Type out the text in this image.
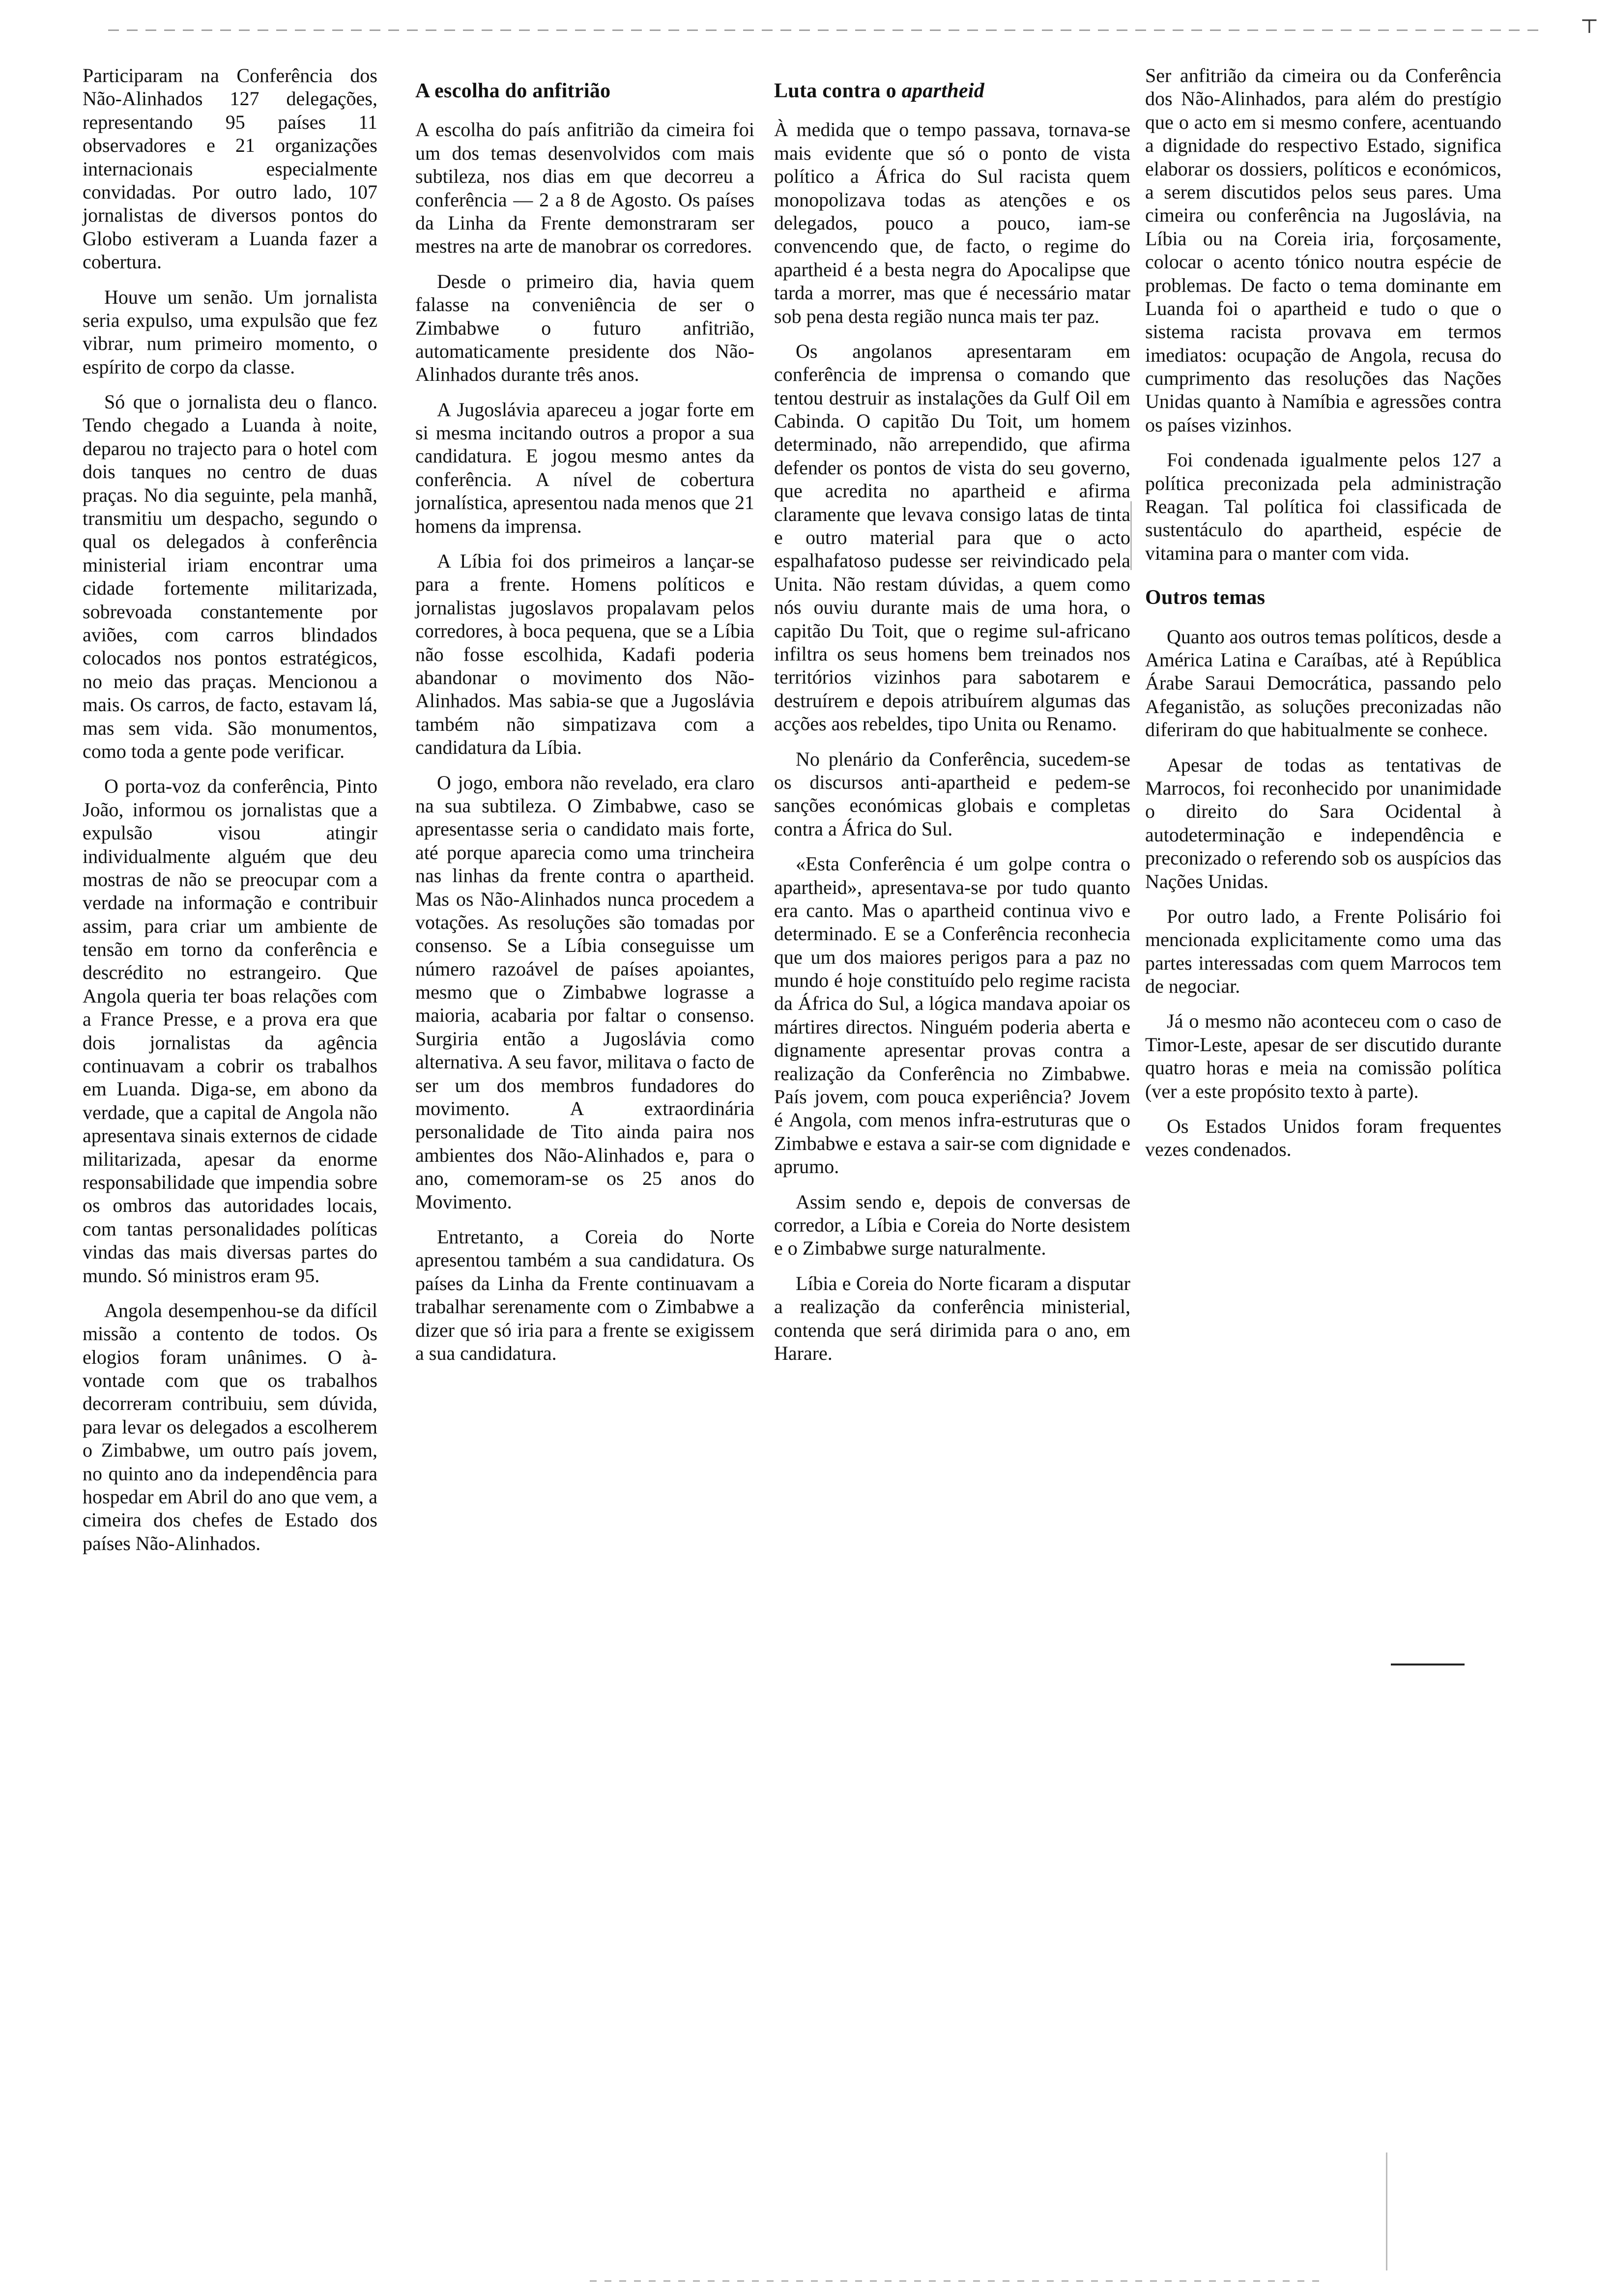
⊤

Participaram na Conferência dos Não-Alinhados 127 delegações, representando 95 países 11 observadores e 21 organizações internacionais especialmente convidadas. Por outro lado, 107 jornalistas de diversos pontos do Globo estiveram a Luanda fazer a cobertura.

Houve um senão. Um jornalista seria expulso, uma expulsão que fez vibrar, num primeiro momento, o espírito de corpo da classe.

Só que o jornalista deu o flanco. Tendo chegado a Luanda à noite, deparou no trajecto para o hotel com dois tanques no centro de duas praças. No dia seguinte, pela manhã, transmitiu um despacho, segundo o qual os delegados à conferência ministerial iriam encontrar uma cidade fortemente militarizada, sobrevoada constantemente por aviões, com carros blindados colocados nos pontos estratégicos, no meio das praças. Mencionou a mais. Os carros, de facto, estavam lá, mas sem vida. São monumentos, como toda a gente pode verificar.

O porta-voz da conferência, Pinto João, informou os jornalistas que a expulsão visou atingir individualmente alguém que deu mostras de não se preocupar com a verdade na informação e contribuir assim, para criar um ambiente de tensão em torno da conferência e descrédito no estrangeiro. Que Angola queria ter boas relações com a France Presse, e a prova era que dois jornalistas da agência continuavam a cobrir os trabalhos em Luanda. Diga-se, em abono da verdade, que a capital de Angola não apresentava sinais externos de cidade militarizada, apesar da enorme responsabilidade que impendia sobre os ombros das autoridades locais, com tantas personalidades políticas vindas das mais diversas partes do mundo. Só ministros eram 95.

Angola desempenhou-se da difícil missão a contento de todos. Os elogios foram unânimes. O à-vontade com que os trabalhos decorreram contribuiu, sem dúvida, para levar os delegados a escolherem o Zimbabwe, um outro país jovem, no quinto ano da independência para hospedar em Abril do ano que vem, a cimeira dos chefes de Estado dos países Não-Alinhados.

A escolha do anfitrião

A escolha do país anfitrião da cimeira foi um dos temas desenvolvidos com mais subtileza, nos dias em que decorreu a conferência — 2 a 8 de Agosto. Os países da Linha da Frente demonstraram ser mestres na arte de manobrar os corredores.

Desde o primeiro dia, havia quem falasse na conveniência de ser o Zimbabwe o futuro anfitrião, automaticamente presidente dos Não-Alinhados durante três anos.

A Jugoslávia apareceu a jogar forte em si mesma incitando outros a propor a sua candidatura. E jogou mesmo antes da conferência. A nível de cobertura jornalística, apresentou nada menos que 21 homens da imprensa.

A Líbia foi dos primeiros a lançar-se para a frente. Homens políticos e jornalistas jugoslavos propalavam pelos corredores, à boca pequena, que se a Líbia não fosse escolhida, Kadafi poderia abandonar o movimento dos Não-Alinhados. Mas sabia-se que a Jugoslávia também não simpatizava com a candidatura da Líbia.

O jogo, embora não revelado, era claro na sua subtileza. O Zimbabwe, caso se apresentasse seria o candidato mais forte, até porque aparecia como uma trincheira nas linhas da frente contra o apartheid. Mas os Não-Alinhados nunca procedem a votações. As resoluções são tomadas por consenso. Se a Líbia conseguisse um número razoável de países apoiantes, mesmo que o Zimbabwe lograsse a maioria, acabaria por faltar o consenso. Surgiria então a Jugoslávia como alternativa. A seu favor, militava o facto de ser um dos membros fundadores do movimento. A extraordinária personalidade de Tito ainda paira nos ambientes dos Não-Alinhados e, para o ano, comemoram-se os 25 anos do Movimento.

Entretanto, a Coreia do Norte apresentou também a sua candidatura. Os países da Linha da Frente continuavam a trabalhar serenamente com o Zimbabwe a dizer que só iria para a frente se exigissem a sua candidatura.

Luta contra o apartheid

À medida que o tempo passava, tornava-se mais evidente que só o ponto de vista político a África do Sul racista quem monopolizava todas as atenções e os delegados, pouco a pouco, iam-se convencendo que, de facto, o regime do apartheid é a besta negra do Apocalipse que tarda a morrer, mas que é necessário matar sob pena desta região nunca mais ter paz.

Os angolanos apresentaram em conferência de imprensa o comando que tentou destruir as instalações da Gulf Oil em Cabinda. O capitão Du Toit, um homem determinado, não arrependido, que afirma defender os pontos de vista do seu governo, que acredita no apartheid e afirma claramente que levava consigo latas de tinta e outro material para que o acto espalhafatoso pudesse ser reivindicado pela Unita. Não restam dúvidas, a quem como nós ouviu durante mais de uma hora, o capitão Du Toit, que o regime sul-africano infiltra os seus homens bem treinados nos territórios vizinhos para sabotarem e destruírem e depois atribuírem algumas das acções aos rebeldes, tipo Unita ou Renamo.

No plenário da Conferência, sucedem-se os discursos anti-apartheid e pedem-se sanções económicas globais e completas contra a África do Sul.

«Esta Conferência é um golpe contra o apartheid», apresentava-se por tudo quanto era canto. Mas o apartheid continua vivo e determinado. E se a Conferência reconhecia que um dos maiores perigos para a paz no mundo é hoje constituído pelo regime racista da África do Sul, a lógica mandava apoiar os mártires directos. Ninguém poderia aberta e dignamente apresentar provas contra a realização da Conferência no Zimbabwe. País jovem, com pouca experiência? Jovem é Angola, com menos infra-estruturas que o Zimbabwe e estava a sair-se com dignidade e aprumo.

Assim sendo e, depois de conversas de corredor, a Líbia e Coreia do Norte desistem e o Zimbabwe surge naturalmente.

Líbia e Coreia do Norte ficaram a disputar a realização da conferência ministerial, contenda que será dirimida para o ano, em Harare.

Ser anfitrião da cimeira ou da Conferência dos Não-Alinhados, para além do prestígio que o acto em si mesmo confere, acentuando a dignidade do respectivo Estado, significa elaborar os dossiers, políticos e económicos, a serem discutidos pelos seus pares. Uma cimeira ou conferência na Jugoslávia, na Líbia ou na Coreia iria, forçosamente, colocar o acento tónico noutra espécie de problemas. De facto o tema dominante em Luanda foi o apartheid e tudo o que o sistema racista provava em termos imediatos: ocupação de Angola, recusa do cumprimento das resoluções das Nações Unidas quanto à Namíbia e agressões contra os países vizinhos.

Foi condenada igualmente pelos 127 a política preconizada pela administração Reagan. Tal política foi classificada de sustentáculo do apartheid, espécie de vitamina para o manter com vida.

Outros temas

Quanto aos outros temas políticos, desde a América Latina e Caraíbas, até à República Árabe Saraui Democrática, passando pelo Afeganistão, as soluções preconizadas não diferiram do que habitualmente se conhece.

Apesar de todas as tentativas de Marrocos, foi reconhecido por unanimidade o direito do Sara Ocidental à autodeterminação e independência e preconizado o referendo sob os auspícios das Nações Unidas.

Por outro lado, a Frente Polisário foi mencionada explicitamente como uma das partes interessadas com quem Marrocos tem de negociar.

Já o mesmo não aconteceu com o caso de Timor-Leste, apesar de ser discutido durante quatro horas e meia na comissão política (ver a este propósito texto à parte).

Os Estados Unidos foram frequentes vezes condenados.
